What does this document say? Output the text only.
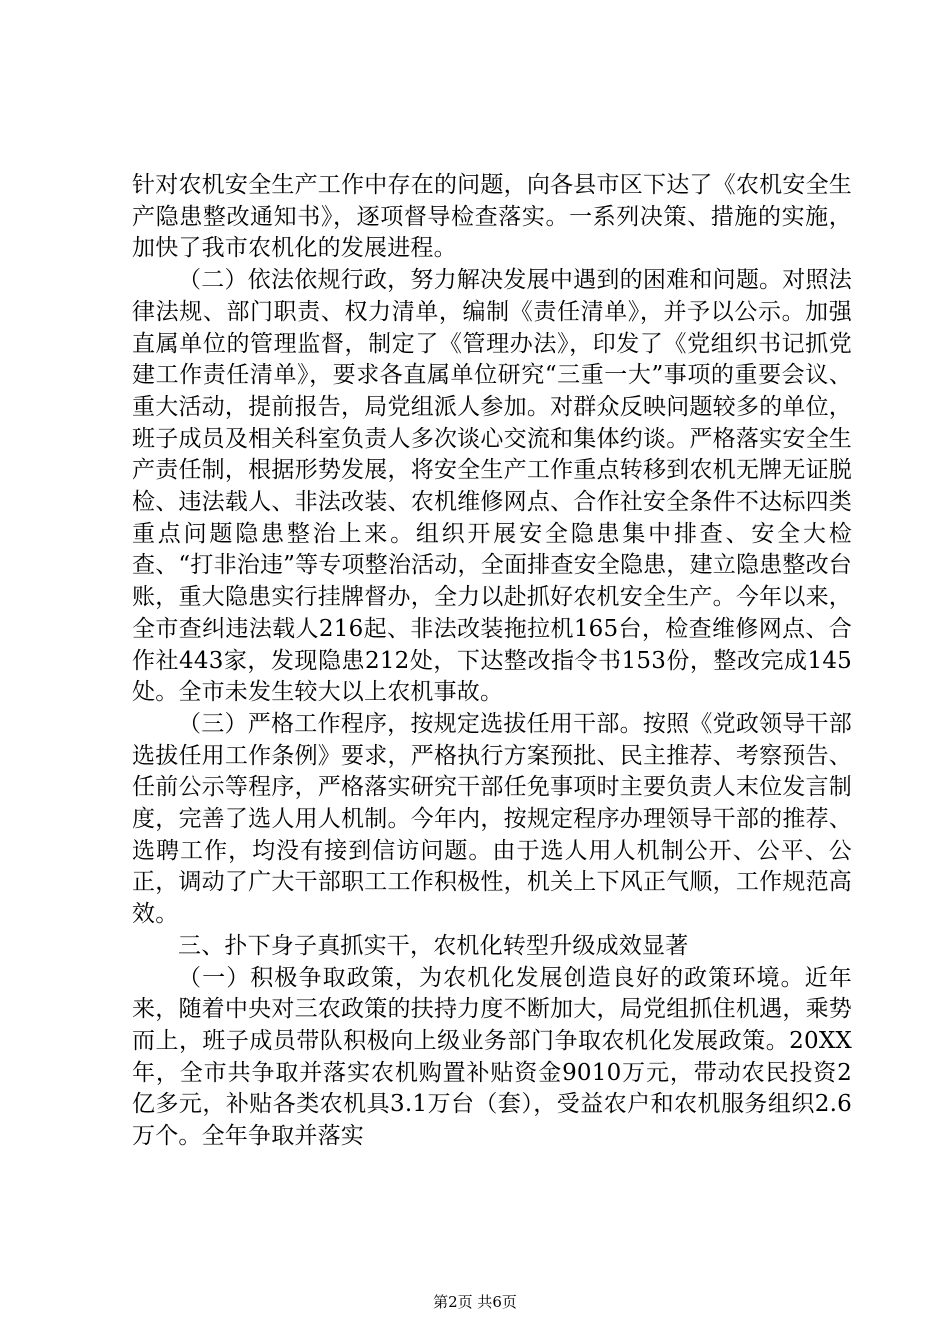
针对农机安全生产工作中存在的问题，向各县市区下达了《农机安全生产隐患整改通知书》，逐项督导检查落实。一系列决策、措施的实施，加快了我市农机化的发展进程。

（二）依法依规行政，努力解决发展中遇到的困难和问题。对照法律法规、部门职责、权力清单，编制《责任清单》，并予以公示。加强直属单位的管理监督，制定了《管理办法》，印发了《党组织书记抓党建工作责任清单》，要求各直属单位研究“三重一大”事项的重要会议、重大活动，提前报告，局党组派人参加。对群众反映问题较多的单位，班子成员及相关科室负责人多次谈心交流和集体约谈。严格落实安全生产责任制，根据形势发展，将安全生产工作重点转移到农机无牌无证脱检、违法载人、非法改装、农机维修网点、合作社安全条件不达标四类重点问题隐患整治上来。组织开展安全隐患集中排查、安全大检查、“打非治违”等专项整治活动，全面排查安全隐患，建立隐患整改台账，重大隐患实行挂牌督办，全力以赴抓好农机安全生产。今年以来，全市查纠违法载人216起、非法改装拖拉机165台，检查维修网点、合作社443家，发现隐患212处，下达整改指令书153份，整改完成145处。全市未发生较大以上农机事故。

（三）严格工作程序，按规定选拔任用干部。按照《党政领导干部选拔任用工作条例》要求，严格执行方案预批、民主推荐、考察预告、任前公示等程序，严格落实研究干部任免事项时主要负责人末位发言制度，完善了选人用人机制。今年内，按规定程序办理领导干部的推荐、选聘工作，均没有接到信访问题。由于选人用人机制公开、公平、公正，调动了广大干部职工工作积极性，机关上下风正气顺，工作规范高效。

三、扑下身子真抓实干，农机化转型升级成效显著

（一）积极争取政策，为农机化发展创造良好的政策环境。近年来，随着中央对三农政策的扶持力度不断加大，局党组抓住机遇，乘势而上，班子成员带队积极向上级业务部门争取农机化发展政策。20XX年，全市共争取并落实农机购置补贴资金9010万元，带动农民投资2亿多元，补贴各类农机具3.1万台（套），受益农户和农机服务组织2.6万个。全年争取并落实

第2页 共6页
